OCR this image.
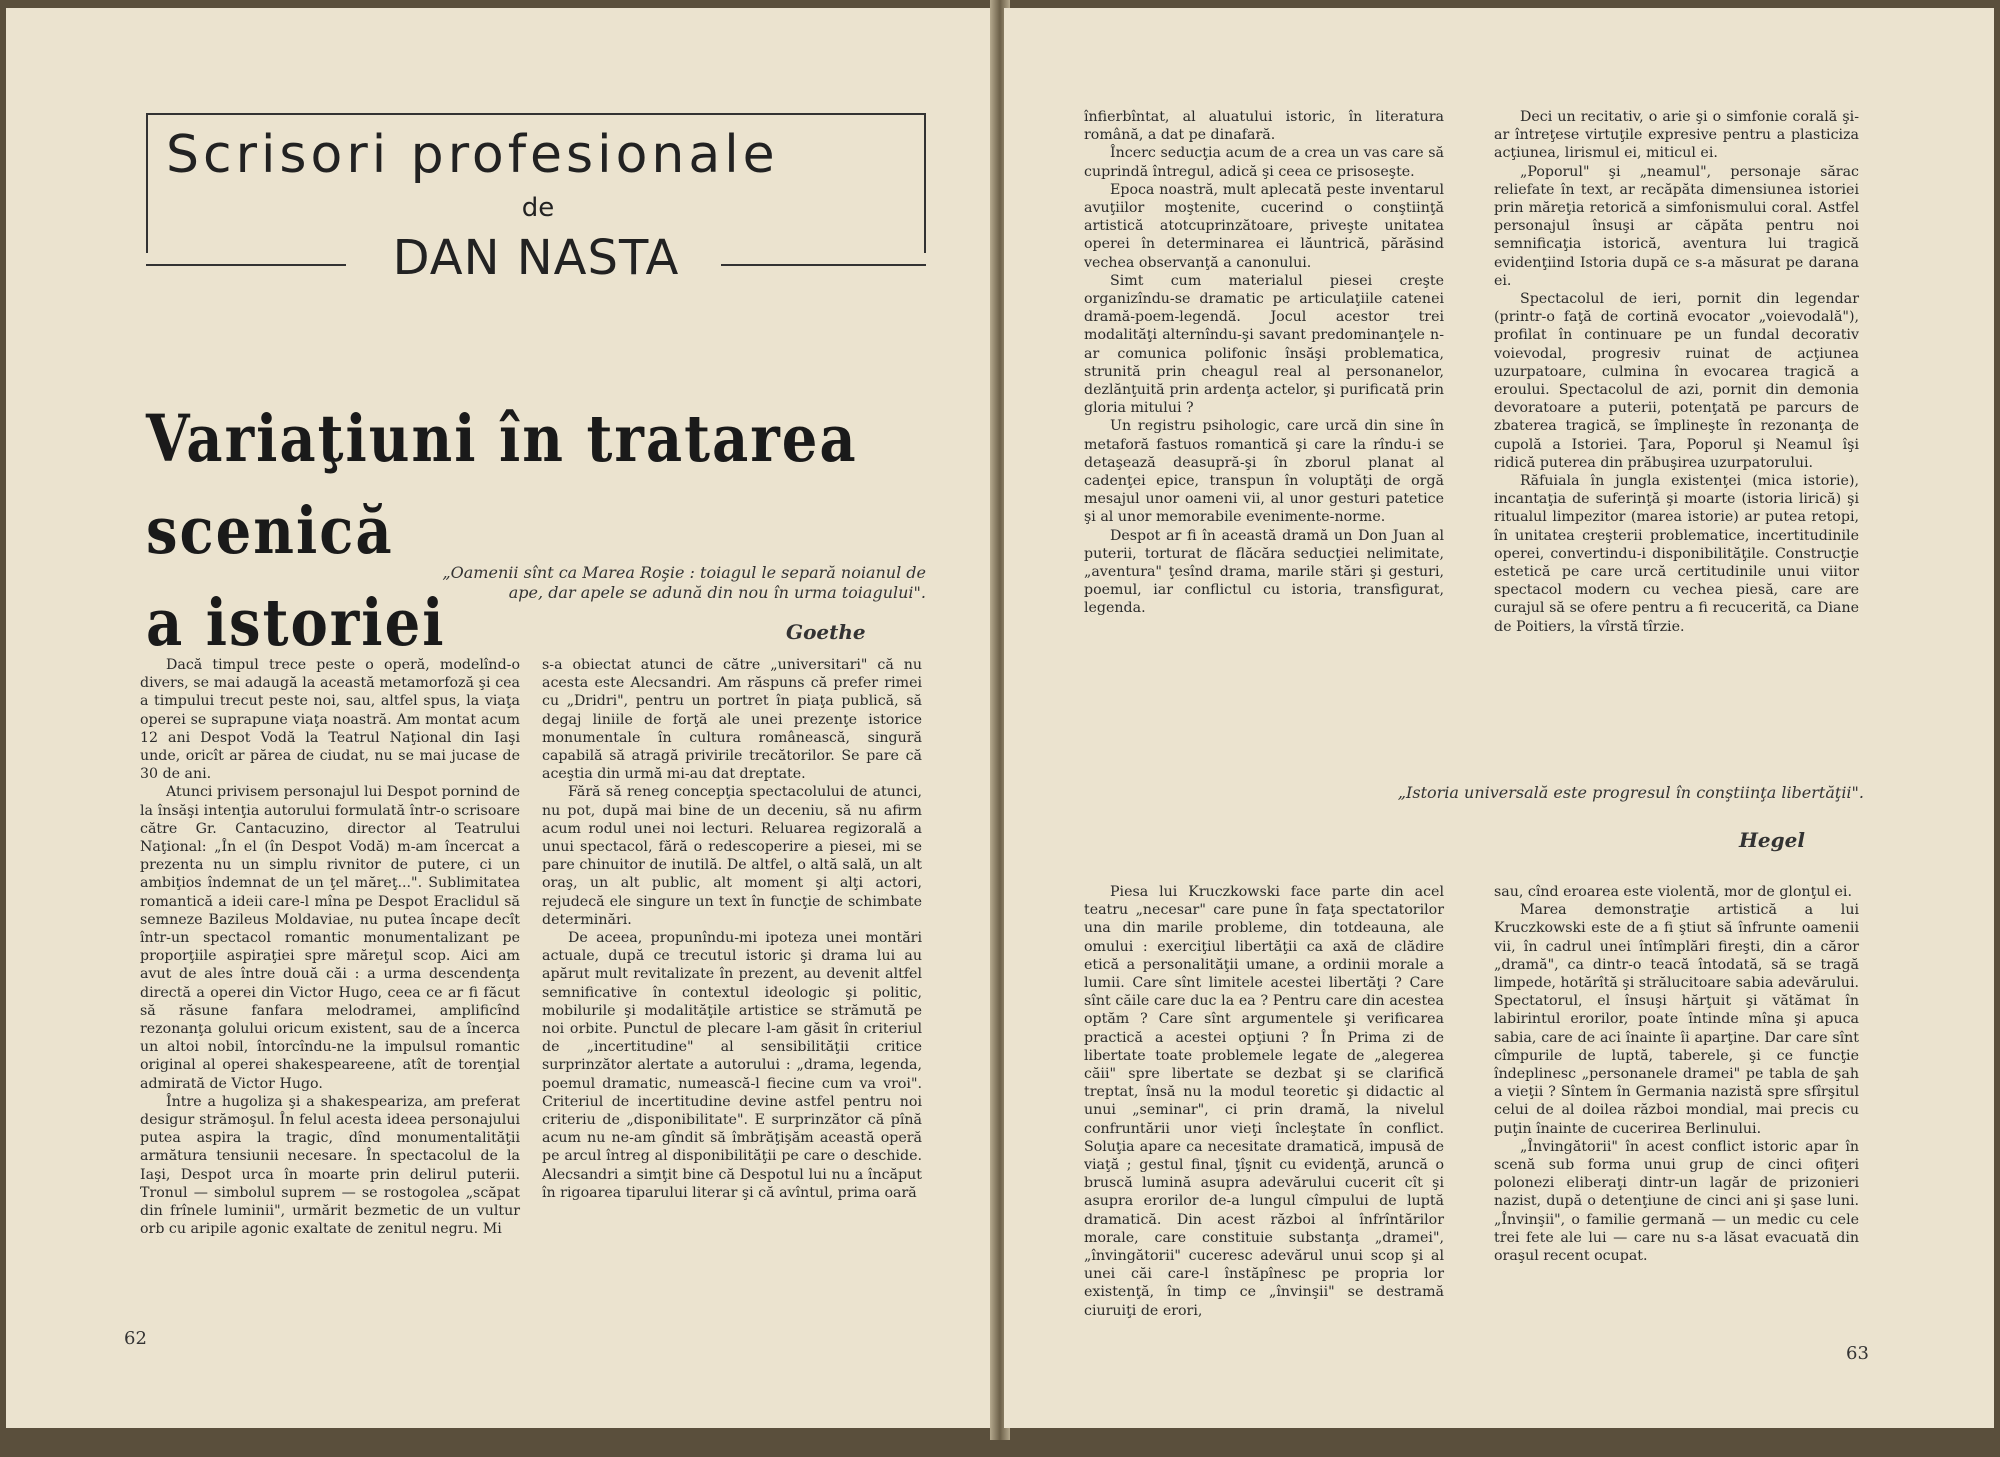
Scrisori profesionale
de
DAN NASTA
Variaţiuni în tratarea scenică
a istoriei
„Oamenii sînt ca Marea Roşie : toiagul le separă noianul de ape, dar apele se adună din nou în urma toiagului".
Goethe

Dacă timpul trece peste o operă, modelînd-o divers, se mai adaugă la această metamorfoză şi cea a timpului trecut peste noi, sau, altfel spus, la viaţa operei se suprapune viaţa noastră. Am montat acum 12 ani Despot Vodă la Teatrul Naţional din Iaşi unde, oricît ar părea de ciudat, nu se mai jucase de 30 de ani.

Atunci privisem personajul lui Despot pornind de la însăşi intenţia autorului formulată într-o scrisoare către Gr. Cantacuzino, director al Teatrului Naţional: „În el (în Despot Vodă) m-am încercat a prezenta nu un simplu rivnitor de putere, ci un ambiţios îndemnat de un ţel măreţ...". Sublimitatea romantică a ideii care-l mîna pe Despot Eraclidul să semneze Bazileus Moldaviae, nu putea încape decît într-un spectacol romantic monumentalizant pe proporţiile aspiraţiei spre măreţul scop. Aici am avut de ales între două căi : a urma descendenţa directă a operei din Victor Hugo, ceea ce ar fi făcut să răsune fanfara melodramei, amplificînd rezonanţa golului oricum existent, sau de a încerca un altoi nobil, întorcîndu-ne la impulsul romantic original al operei shakespeareene, atît de torenţial admirată de Victor Hugo.

Între a hugoliza şi a shakespeariza, am preferat desigur strămoşul. În felul acesta ideea personajului putea aspira la tragic, dînd monumentalităţii armătura tensiunii necesare. În spectacolul de la Iaşi, Despot urca în moarte prin delirul puterii. Tronul — simbolul suprem — se rostogolea „scăpat din frînele luminii", urmărit bezmetic de un vultur orb cu aripile agonic exaltate de zenitul negru. Mi

s-a obiectat atunci de către „universitari" că nu acesta este Alecsandri. Am răspuns că prefer rimei cu „Dridri", pentru un portret în piaţa publică, să degaj liniile de forţă ale unei prezenţe istorice monumentale în cultura românească, singură capabilă să atragă privirile trecătorilor. Se pare că aceştia din urmă mi-au dat dreptate.

Fără să reneg concepţia spectacolului de atunci, nu pot, după mai bine de un deceniu, să nu afirm acum rodul unei noi lecturi. Reluarea regizorală a unui spectacol, fără o redescoperire a piesei, mi se pare chinuitor de inutilă. De altfel, o altă sală, un alt oraş, un alt public, alt moment şi alţi actori, rejudecă ele singure un text în funcţie de schimbate determinări.

De aceea, propunîndu-mi ipoteza unei montări actuale, după ce trecutul istoric şi drama lui au apărut mult revitalizate în prezent, au devenit altfel semnificative în contextul ideologic şi politic, mobilurile şi modalităţile artistice se strămută pe noi orbite. Punctul de plecare l-am găsit în criteriul de „incertitudine" al sensibilităţii critice surprinzător alertate a autorului : „drama, legenda, poemul dramatic, numească-l fiecine cum va vroi". Criteriul de incertitudine devine astfel pentru noi criteriu de „disponibilitate". E surprinzător că pînă acum nu ne-am gîndit să îmbrăţişăm această operă pe arcul întreg al disponibilităţii pe care o deschide. Alecsandri a simţit bine că Despotul lui nu a încăput în rigoarea tiparului literar şi că avîntul, prima oară

62

înfierbîntat, al aluatului istoric, în literatura română, a dat pe dinafară.

Încerc seducţia acum de a crea un vas care să cuprindă întregul, adică şi ceea ce prisoseşte.

Epoca noastră, mult aplecată peste inventarul avuţiilor moştenite, cucerind o conştiinţă artistică atotcuprinzătoare, priveşte unitatea operei în determinarea ei lăuntrică, părăsind vechea observanţă a canonului.

Simt cum materialul piesei creşte organizîndu-se dramatic pe articulaţiile catenei dramă-poem-legendă. Jocul acestor trei modalităţi alternîndu-şi savant predominanţele n-ar comunica polifonic însăşi problematica, strunită prin cheagul real al personanelor, dezlănţuită prin ardenţa actelor, şi purificată prin gloria mitului ?

Un registru psihologic, care urcă din sine în metaforă fastuos romantică şi care la rîndu-i se detaşează deasupră-şi în zborul planat al cadenţei epice, transpun în voluptăţi de orgă mesajul unor oameni vii, al unor gesturi patetice şi al unor memorabile evenimente-norme.

Despot ar fi în această dramă un Don Juan al puterii, torturat de flăcăra seducţiei nelimitate, „aventura" ţesînd drama, marile stări şi gesturi, poemul, iar conflictul cu istoria, transfigurat, legenda.

Deci un recitativ, o arie şi o simfonie corală şi-ar întreţese virtuţile expresive pentru a plasticiza acţiunea, lirismul ei, miticul ei.

„Poporul" şi „neamul", personaje sărac reliefate în text, ar recăpăta dimensiunea istoriei prin măreţia retorică a simfonismului coral. Astfel personajul însuşi ar căpăta pentru noi semnificaţia istorică, aventura lui tragică evidenţiind Istoria după ce s-a măsurat pe darana ei.

Spectacolul de ieri, pornit din legendar (printr-o faţă de cortină evocator „voievodală"), profilat în continuare pe un fundal decorativ voievodal, progresiv ruinat de acţiunea uzurpatoare, culmina în evocarea tragică a eroului. Spectacolul de azi, pornit din demonia devoratoare a puterii, potenţată pe parcurs de zbaterea tragică, se împlineşte în rezonanţa de cupolă a Istoriei. Ţara, Poporul şi Neamul îşi ridică puterea din prăbuşirea uzurpatorului.

Răfuiala în jungla existenţei (mica istorie), incantaţia de suferinţă şi moarte (istoria lirică) şi ritualul limpezitor (marea istorie) ar putea retopi, în unitatea creşterii problematice, incertitudinile operei, convertindu-i disponibilităţile. Construcţie estetică pe care urcă certitudinile unui viitor spectacol modern cu vechea piesă, care are curajul să se ofere pentru a fi recucerită, ca Diane de Poitiers, la vîrstă tîrzie.

„Istoria universală este progresul în conştiinţa libertăţii".
Hegel

Piesa lui Kruczkowski face parte din acel teatru „necesar" care pune în faţa spectatorilor una din marile probleme, din totdeauna, ale omului : exerciţiul libertăţii ca axă de clădire etică a personalităţii umane, a ordinii morale a lumii. Care sînt limitele acestei libertăţi ? Care sînt căile care duc la ea ? Pentru care din acestea optăm ? Care sînt argumentele şi verificarea practică a acestei opţiuni ? În Prima zi de libertate toate problemele legate de „alegerea căii" spre libertate se dezbat şi se clarifică treptat, însă nu la modul teoretic şi didactic al unui „seminar", ci prin dramă, la nivelul confruntării unor vieţi încleştate în conflict. Soluţia apare ca necesitate dramatică, impusă de viaţă ; gestul final, ţîşnit cu evidenţă, aruncă o bruscă lumină asupra adevărului cucerit cît şi asupra erorilor de-a lungul cîmpului de luptă dramatică. Din acest război al înfrîntărilor morale, care constituie substanţa „dramei", „învingătorii" cuceresc adevărul unui scop şi al unei căi care-l înstăpînesc pe propria lor existenţă, în timp ce „învinşii" se destramă ciuruiţi de erori,

sau, cînd eroarea este violentă, mor de glonţul ei.

Marea demonstraţie artistică a lui Kruczkowski este de a fi ştiut să înfrunte oamenii vii, în cadrul unei întîmplări fireşti, din a căror „dramă", ca dintr-o teacă întodată, să se tragă limpede, hotărîtă şi strălucitoare sabia adevărului. Spectatorul, el însuşi hărţuit şi vătămat în labirintul erorilor, poate întinde mîna şi apuca sabia, care de aci înainte îi aparţine. Dar care sînt cîmpurile de luptă, taberele, şi ce funcţie îndeplinesc „personanele dramei" pe tabla de şah a vieţii ? Sîntem în Germania nazistă spre sfîrşitul celui de al doilea război mondial, mai precis cu puţin înainte de cucerirea Berlinului.

„Învingătorii" în acest conflict istoric apar în scenă sub forma unui grup de cinci ofiţeri polonezi eliberaţi dintr-un lagăr de prizonieri nazist, după o detenţiune de cinci ani şi şase luni. „Învinşii", o familie germană — un medic cu cele trei fete ale lui — care nu s-a lăsat evacuată din oraşul recent ocupat.

63
